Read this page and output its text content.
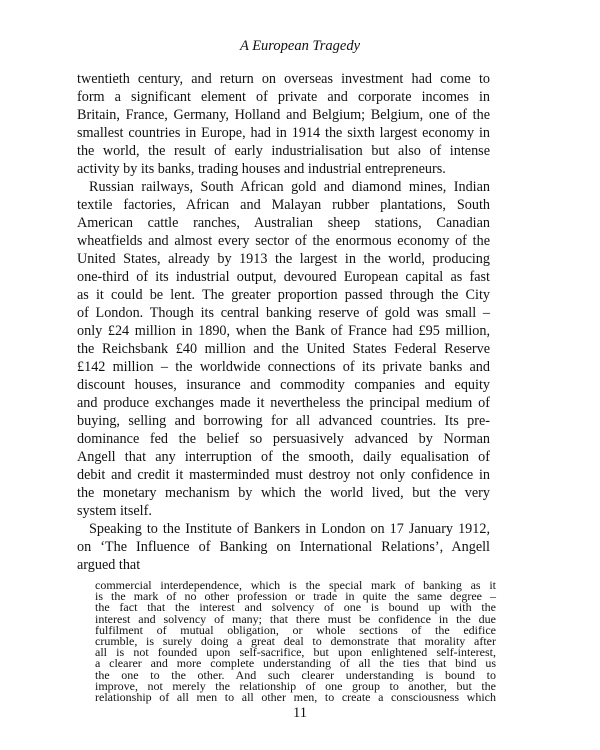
A European Tragedy
twentieth century, and return on overseas investment had come to
form a significant element of private and corporate incomes in
Britain, France, Germany, Holland and Belgium; Belgium, one of the
smallest countries in Europe, had in 1914 the sixth largest economy in
the world, the result of early industrialisation but also of intense
activity by its banks, trading houses and industrial entrepreneurs.
Russian railways, South African gold and diamond mines, Indian
textile factories, African and Malayan rubber plantations, South
American cattle ranches, Australian sheep stations, Canadian
wheatfields and almost every sector of the enormous economy of the
United States, already by 1913 the largest in the world, producing
one-third of its industrial output, devoured European capital as fast
as it could be lent. The greater proportion passed through the City
of London. Though its central banking reserve of gold was small –
only £24 million in 1890, when the Bank of France had £95 million,
the Reichsbank £40 million and the United States Federal Reserve
£142 million – the worldwide connections of its private banks and
discount houses, insurance and commodity companies and equity
and produce exchanges made it nevertheless the principal medium of
buying, selling and borrowing for all advanced countries. Its pre-
dominance fed the belief so persuasively advanced by Norman
Angell that any interruption of the smooth, daily equalisation of
debit and credit it masterminded must destroy not only confidence in
the monetary mechanism by which the world lived, but the very
system itself.
Speaking to the Institute of Bankers in London on 17 January 1912,
on ‘The Influence of Banking on International Relations’, Angell
argued that
commercial interdependence, which is the special mark of banking as it
is the mark of no other profession or trade in quite the same degree –
the fact that the interest and solvency of one is bound up with the
interest and solvency of many; that there must be confidence in the due
fulfilment of mutual obligation, or whole sections of the edifice
crumble, is surely doing a great deal to demonstrate that morality after
all is not founded upon self-sacrifice, but upon enlightened self-interest,
a clearer and more complete understanding of all the ties that bind us
the one to the other. And such clearer understanding is bound to
improve, not merely the relationship of one group to another, but the
relationship of all men to all other men, to create a consciousness which
11
